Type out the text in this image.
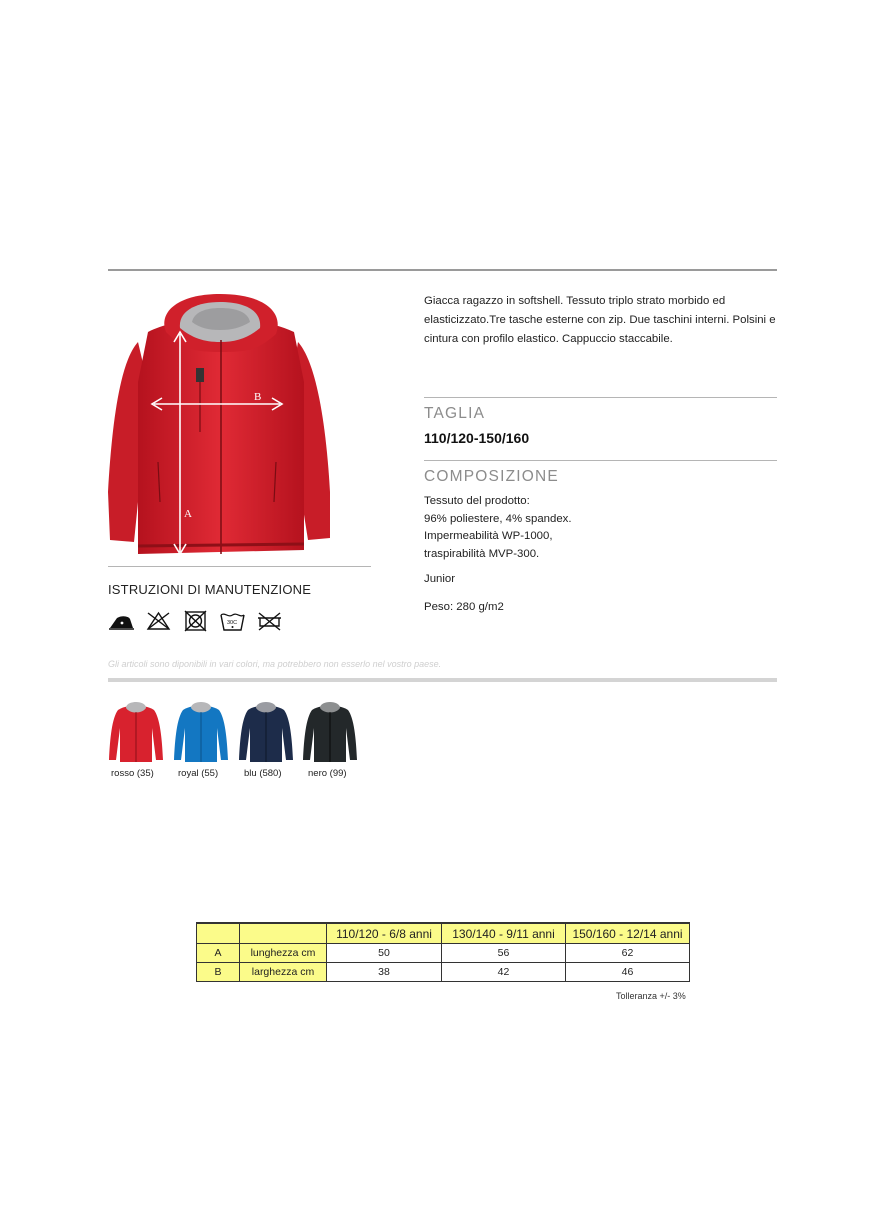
B
A
ISTRUZIONI DI MANUTENZIONE
30C
Giacca ragazzo in softshell. Tessuto triplo strato morbido ed elasticizzato.Tre tasche esterne con zip. Due taschini interni. Polsini e cintura con profilo elastico. Cappuccio staccabile.
TAGLIA
110/120-150/160
COMPOSIZIONE
Tessuto del prodotto:
96% poliestere, 4% spandex.
Impermeabilità WP-1000,
traspirabilità MVP-300.
Junior
Peso: 280 g/m2
Gli articoli sono diponibili in vari colori, ma potrebbero non esserlo nel vostro paese.
rosso (35)	royal (55)	blu (580)	nero (99)
		110/120 - 6/8 anni	130/140 - 9/11 anni	150/160 - 12/14 anni
A	lunghezza cm	50	56	62
B	larghezza cm	38	42	46
Tolleranza +/- 3%
